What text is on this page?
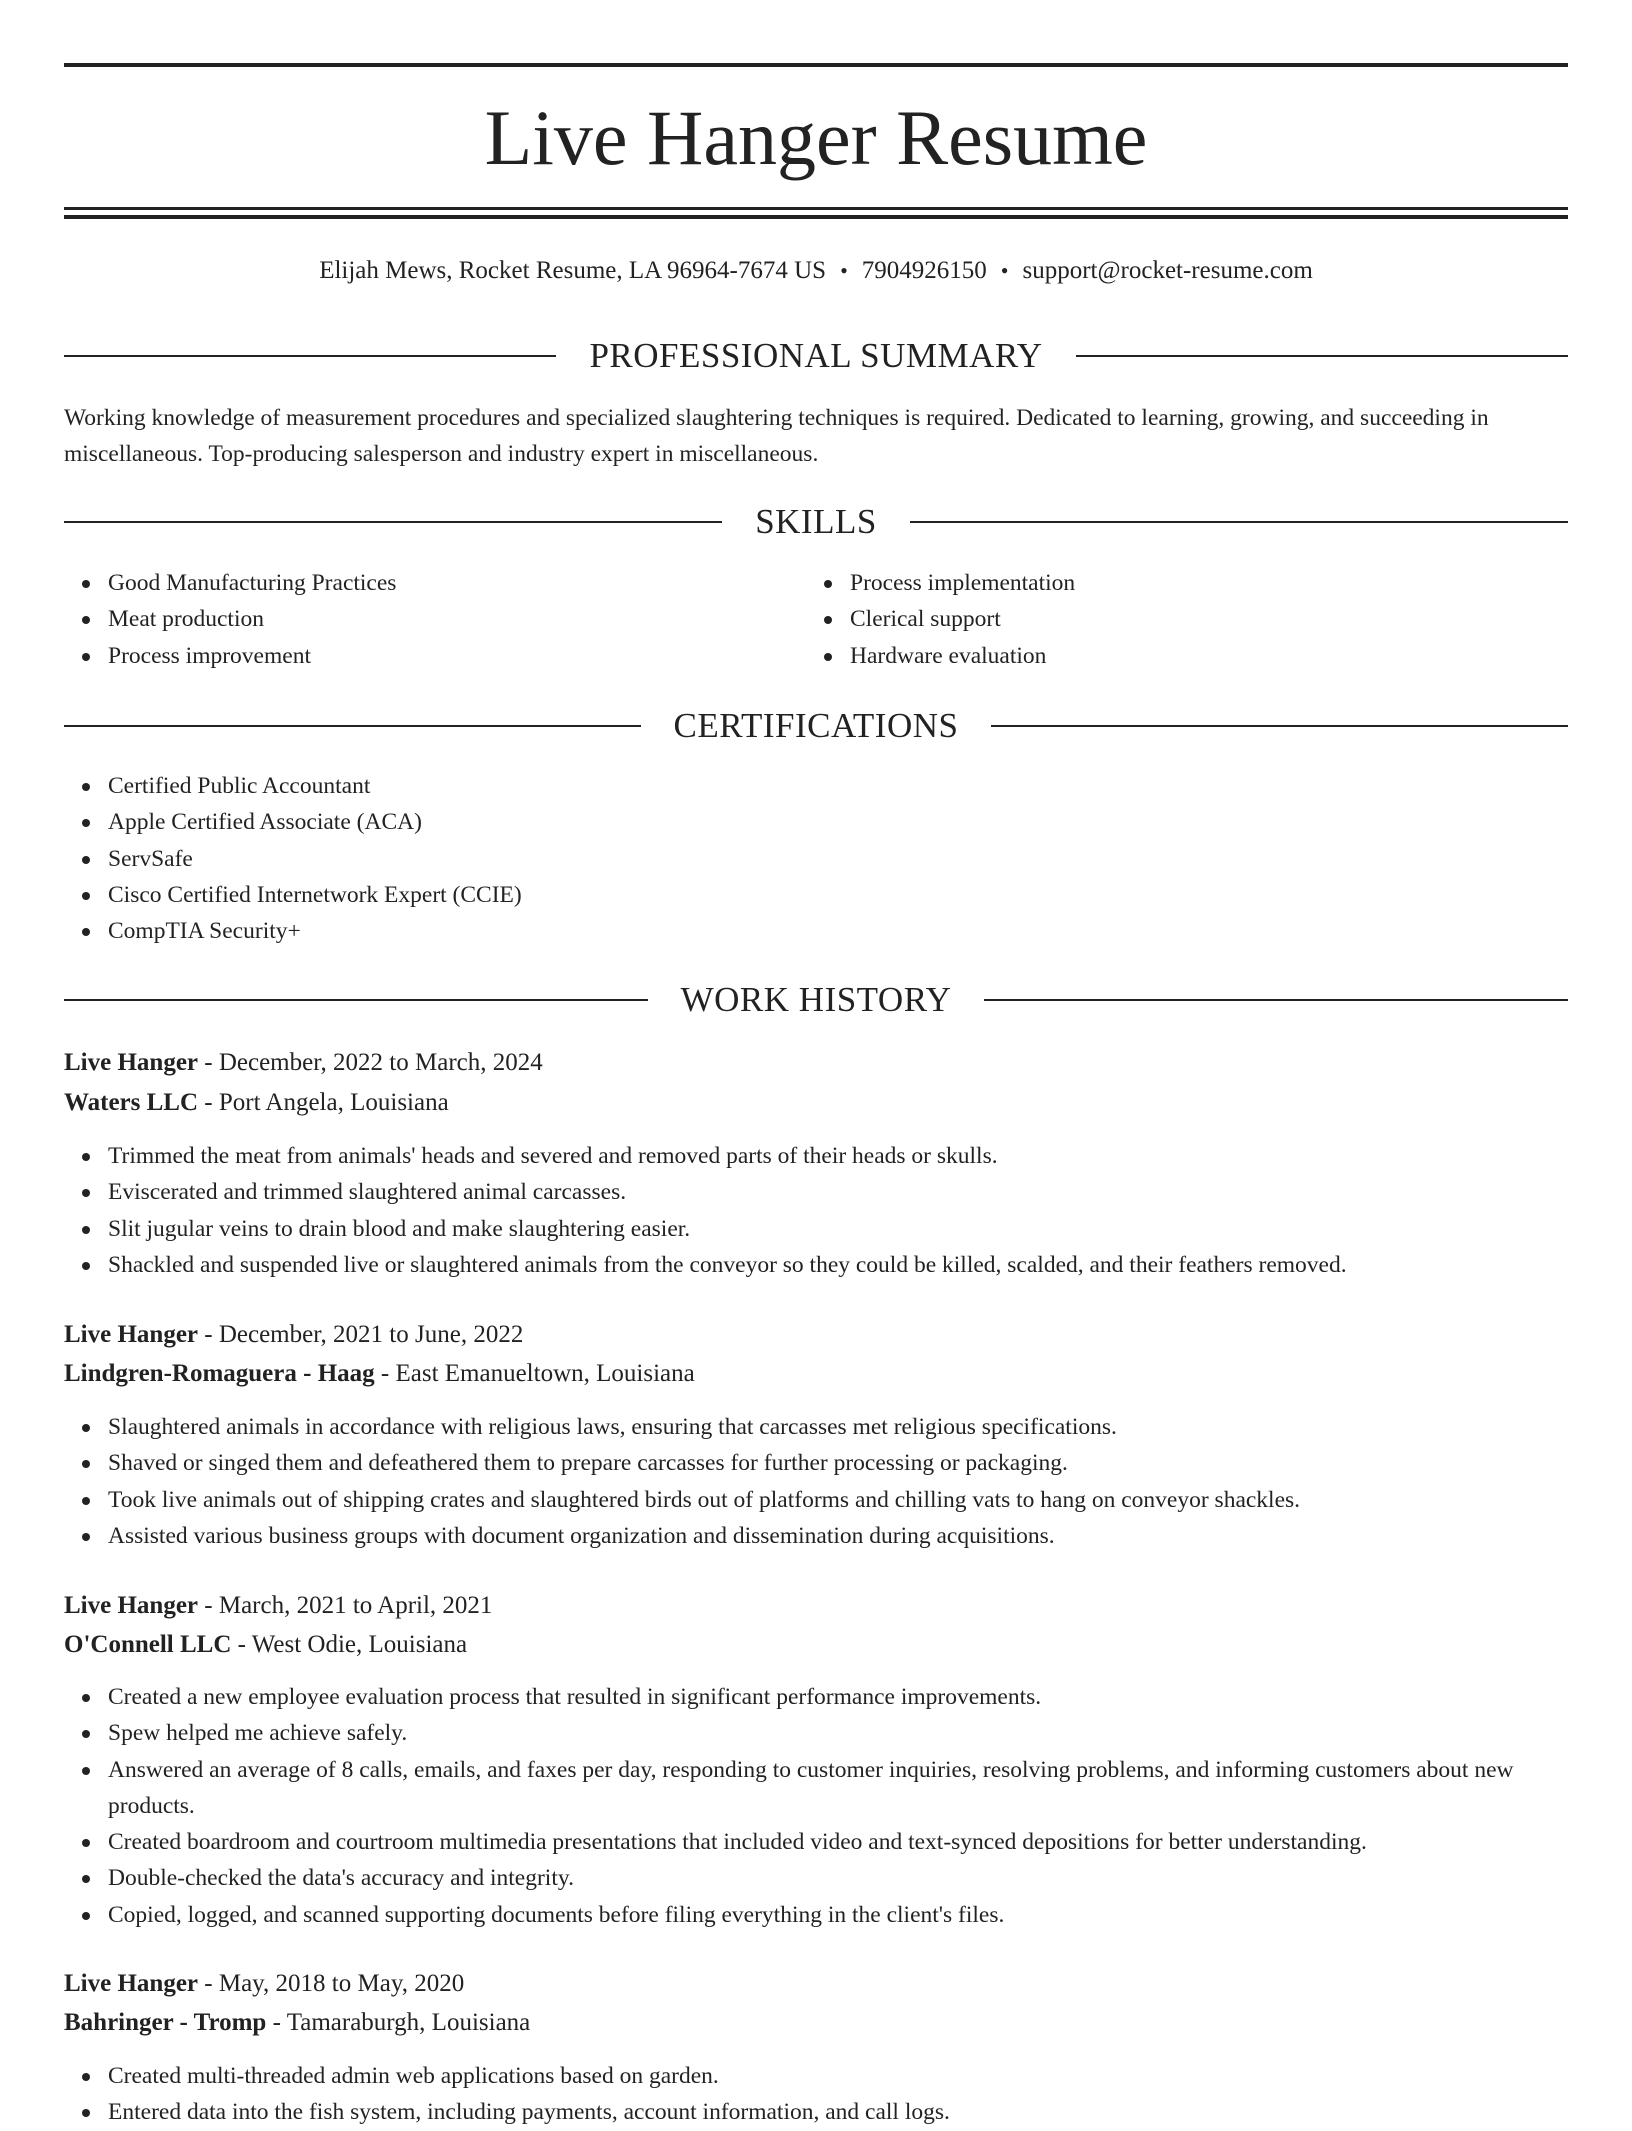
Live Hanger Resume
Elijah Mews, Rocket Resume, LA 96964-7674 US • 7904926150 • support@rocket-resume.com
PROFESSIONAL SUMMARY
Working knowledge of measurement procedures and specialized slaughtering techniques is required. Dedicated to learning, growing, and succeeding in miscellaneous. Top-producing salesperson and industry expert in miscellaneous.
SKILLS
Good Manufacturing Practices
Meat production
Process improvement
Process implementation
Clerical support
Hardware evaluation
CERTIFICATIONS
Certified Public Accountant
Apple Certified Associate (ACA)
ServSafe
Cisco Certified Internetwork Expert (CCIE)
CompTIA Security+
WORK HISTORY
Live Hanger - December, 2022 to March, 2024
Waters LLC - Port Angela, Louisiana
Trimmed the meat from animals' heads and severed and removed parts of their heads or skulls.
Eviscerated and trimmed slaughtered animal carcasses.
Slit jugular veins to drain blood and make slaughtering easier.
Shackled and suspended live or slaughtered animals from the conveyor so they could be killed, scalded, and their feathers removed.
Live Hanger - December, 2021 to June, 2022
Lindgren-Romaguera - Haag - East Emanueltown, Louisiana
Slaughtered animals in accordance with religious laws, ensuring that carcasses met religious specifications.
Shaved or singed them and defeathered them to prepare carcasses for further processing or packaging.
Took live animals out of shipping crates and slaughtered birds out of platforms and chilling vats to hang on conveyor shackles.
Assisted various business groups with document organization and dissemination during acquisitions.
Live Hanger - March, 2021 to April, 2021
O'Connell LLC - West Odie, Louisiana
Created a new employee evaluation process that resulted in significant performance improvements.
Spew helped me achieve safely.
Answered an average of 8 calls, emails, and faxes per day, responding to customer inquiries, resolving problems, and informing customers about new products.
Created boardroom and courtroom multimedia presentations that included video and text-synced depositions for better understanding.
Double-checked the data's accuracy and integrity.
Copied, logged, and scanned supporting documents before filing everything in the client's files.
Live Hanger - May, 2018 to May, 2020
Bahringer - Tromp - Tamaraburgh, Louisiana
Created multi-threaded admin web applications based on garden.
Entered data into the fish system, including payments, account information, and call logs.
